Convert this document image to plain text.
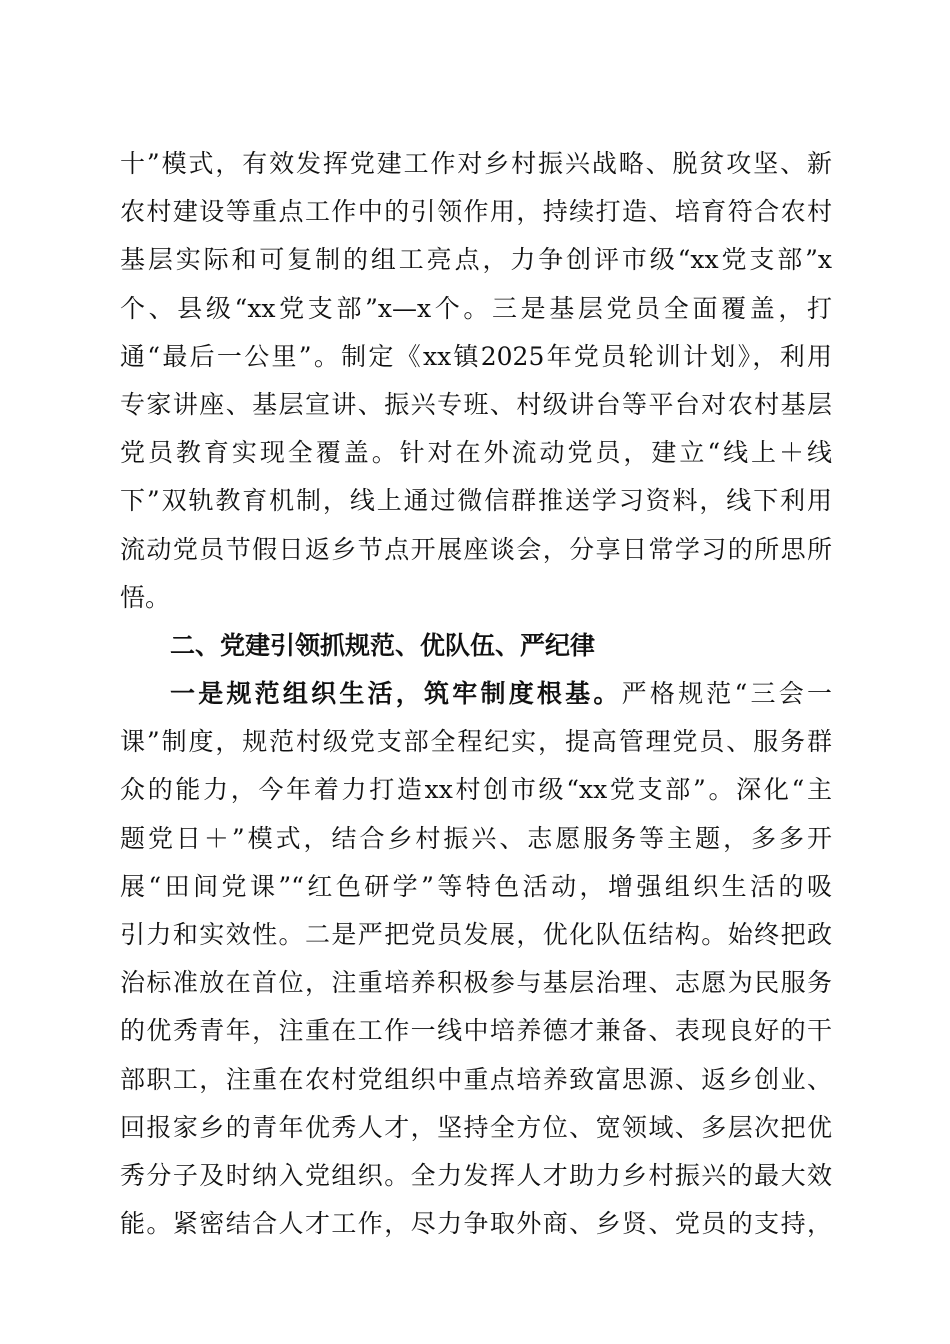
十”模式，有效发挥党建工作对乡村振兴战略、脱贫攻坚、新
农村建设等重点工作中的引领作用，持续打造、培育符合农村
基层实际和可复制的组工亮点，力争创评市级“xx党支部”x
个、县级“xx党支部”x—x个。三是基层党员全面覆盖，打
通“最后一公里”。制定《xx镇2025年党员轮训计划》，利用
专家讲座、基层宣讲、振兴专班、村级讲台等平台对农村基层
党员教育实现全覆盖。针对在外流动党员，建立“线上＋线
下”双轨教育机制，线上通过微信群推送学习资料，线下利用
流动党员节假日返乡节点开展座谈会，分享日常学习的所思所
悟。
二、党建引领抓规范、优队伍、严纪律
一是规范组织生活，筑牢制度根基。严格规范“三会一
课”制度，规范村级党支部全程纪实，提高管理党员、服务群
众的能力，今年着力打造xx村创市级“xx党支部”。深化“主
题党日＋”模式，结合乡村振兴、志愿服务等主题，多多开
展“田间党课”“红色研学”等特色活动，增强组织生活的吸
引力和实效性。二是严把党员发展，优化队伍结构。始终把政
治标准放在首位，注重培养积极参与基层治理、志愿为民服务
的优秀青年，注重在工作一线中培养德才兼备、表现良好的干
部职工，注重在农村党组织中重点培养致富思源、返乡创业、
回报家乡的青年优秀人才，坚持全方位、宽领域、多层次把优
秀分子及时纳入党组织。全力发挥人才助力乡村振兴的最大效
能。紧密结合人才工作，尽力争取外商、乡贤、党员的支持，
